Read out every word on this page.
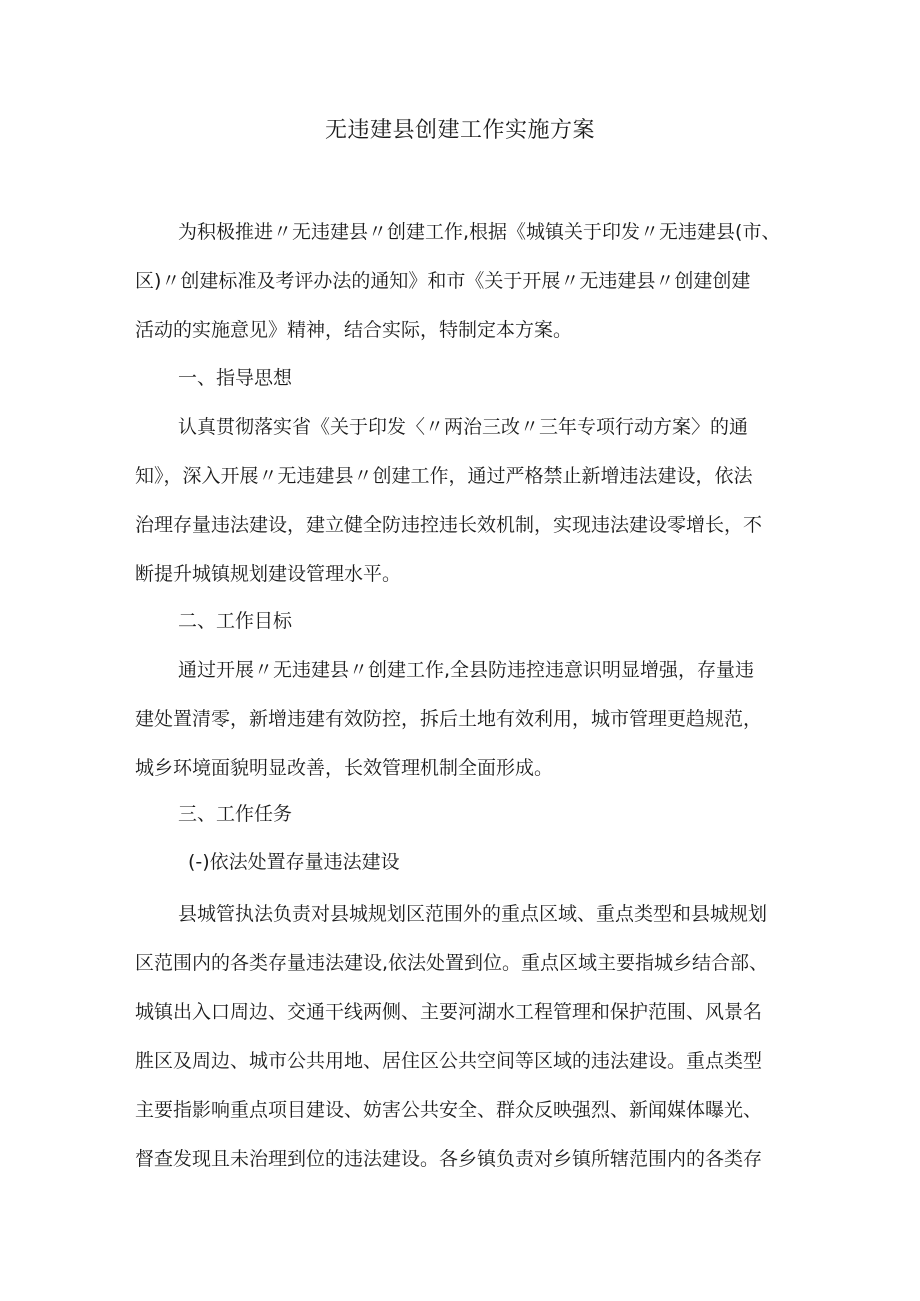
无违建县创建工作实施方案
为积极推进〃无违建县〃创建工作,根据《城镇关于印发〃无违建县(市、
区)〃创建标准及考评办法的通知》和市《关于开展〃无违建县〃创建创建
活动的实施意见》精神，结合实际，特制定本方案。
一、指导思想
认真贯彻落实省《关于印发〈〃两治三改〃三年专项行动方案〉的通
知》，深入开展〃无违建县〃创建工作，通过严格禁止新增违法建设，依法
治理存量违法建设，建立健全防违控违长效机制，实现违法建设零增长，不
断提升城镇规划建设管理水平。
二、工作目标
通过开展〃无违建县〃创建工作,全县防违控违意识明显增强，存量违
建处置清零，新增违建有效防控，拆后土地有效利用，城市管理更趋规范，
城乡环境面貌明显改善，长效管理机制全面形成。
三、工作任务
(-)依法处置存量违法建设
县城管执法负责对县城规划区范围外的重点区域、重点类型和县城规划
区范围内的各类存量违法建设,依法处置到位。重点区域主要指城乡结合部、
城镇出入口周边、交通干线两侧、主要河湖水工程管理和保护范围、风景名
胜区及周边、城市公共用地、居住区公共空间等区域的违法建设。重点类型
主要指影响重点项目建设、妨害公共安全、群众反映强烈、新闻媒体曝光、
督查发现且未治理到位的违法建设。各乡镇负责对乡镇所辖范围内的各类存
